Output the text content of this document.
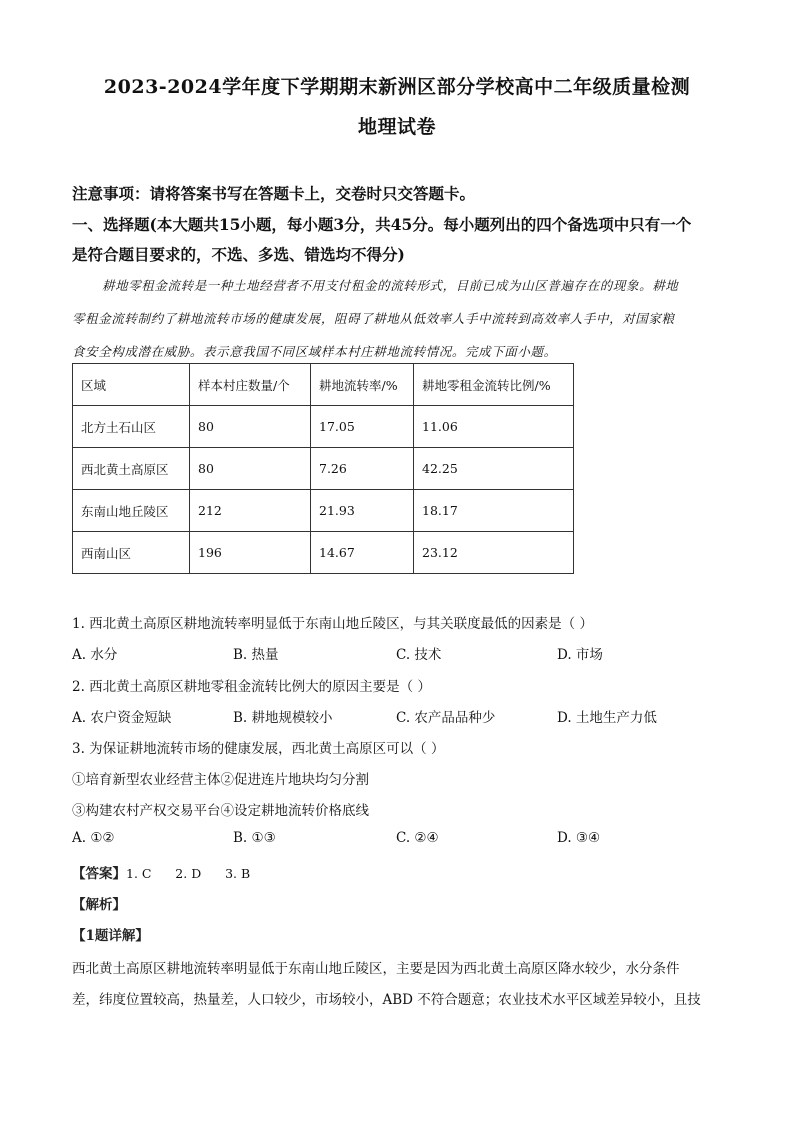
2023-2024学年度下学期期末新洲区部分学校高中二年级质量检测
地理试卷
注意事项：请将答案书写在答题卡上，交卷时只交答题卡。
一、选择题(本大题共15小题，每小题3分，共45分。每小题列出的四个备选项中只有一个
是符合题目要求的，不选、多选、错选均不得分)
耕地零租金流转是一种土地经营者不用支付租金的流转形式，目前已成为山区普遍存在的现象。耕地
零租金流转制约了耕地流转市场的健康发展，阻碍了耕地从低效率人手中流转到高效率人手中，对国家粮
食安全构成潜在威胁。表示意我国不同区域样本村庄耕地流转情况。完成下面小题。
区域	样本村庄数量/个	耕地流转率/%	耕地零租金流转比例/%
北方土石山区	80	17.05	11.06
西北黄土高原区	80	7.26	42.25
东南山地丘陵区	212	21.93	18.17
西南山区	196	14.67	23.12
1. 西北黄土高原区耕地流转率明显低于东南山地丘陵区，与其关联度最低的因素是（ ）
A. 水分	B. 热量	C. 技术	D. 市场
2. 西北黄土高原区耕地零租金流转比例大的原因主要是（ ）
A. 农户资金短缺	B. 耕地规模较小	C. 农产品品种少	D. 土地生产力低
3. 为保证耕地流转市场的健康发展，西北黄土高原区可以（ ）
①培育新型农业经营主体②促进连片地块均匀分割
③构建农村产权交易平台④设定耕地流转价格底线
A. ①②	B. ①③	C. ②④	D. ③④
【答案】1. C      2. D      3. B
【解析】
【1题详解】
西北黄土高原区耕地流转率明显低于东南山地丘陵区，主要是因为西北黄土高原区降水较少，水分条件
差，纬度位置较高，热量差，人口较少，市场较小，ABD 不符合题意；农业技术水平区域差异较小，且技
